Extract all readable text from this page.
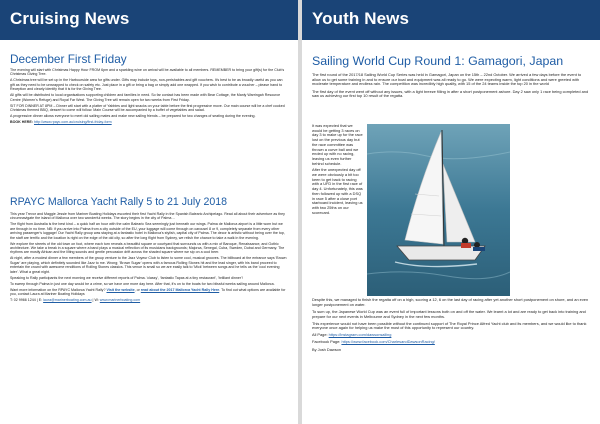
Cruising News
December First Friday

The evening will start with Christmas Happy Hour FROM 6pm and a sparkling wine on arrival will be available to all members. REMEMBER to bring your gift(s) for the Club's Christmas Giving Tree.

A Christmas tree will be set up in the Harbourside area for gifts under. Gifts may include toys, non-perishables and gift vouchers. It's best to be as broadly useful as you can gift as they need to be unwrapped to check on safety etc. Just place in a gift or bring a bag or simply add one wrapped. If you wish to contribute a voucher – please hand to Reception and clearly identify that it is for the Giving Tree.

All gifts will be distributed to local organisations supporting children and families in need. So far contact has been made with Bear Cottage, the Manly Warringah Resource Centre (Women's Refuge) and Royal Far West. The Giving Tree will remain open for two weeks from First Friday.

SIT FOR DINNER AT 8PM – Dinner will start with a platter of Yabbies and light snacks on your table before the first progressive move. Our main course will be a chef cooked Christmas themed BBQ, dessert to come will follow. Main Course will be accompanied by a buffet of vegetables and salad.

A progressive dinner allows everyone to meet old sailing mates and make new sailing friends – be prepared for two changes of seating during the evening.

BOOK HERE: http://www.rpayc.com.au/cruising/first-friday-form

RPAYC Mallorca Yacht Rally 5 to 21 July 2018

This year Trevor and Maggie Jessie from Mariner Boating Holidays escorted their first Yacht Rally in the Spanish Balearic Archipelago. Read all about their adventure as they circumnavigate the island of Mallorca over two wonderful weeks. The story begins in the city of Palma…

The flight from Australia is the best kind – a quick half an hour with the calm Balearic Sea seemingly just beneath our wings. Palma de Mallorca airport is a little worn but we are through in no time. NB: if you arrive into Palma from a city outside of the EU, your luggage will come through on carousel 8 or 9, completely separate from every other arriving passenger's luggage! Our Yacht Rally group was staying at a fantastic hotel in Mallorca's stylish, capital city of Palma. The decor is artistic without being over the top, the staff are terrific and the location is right on the edge of the old city, so after the long flight from Sydney, we relish the chance to take a walk in the evening.

We explore the streets of the old town on foot, where each turn reveals a beautiful square or courtyard that surrounds us with a mix of Baroque, Renaissance, and Gothic architecture. We take a break in a square where a band plays a musical reflection of its musicians backgrounds; Majorca, Senegal, Cuba, Sweden, Dubai and Germany. The rhythms are mostly African and the lilting sounds and gentle percussion drift across the shaded square where we sip on a cool beer.

At night, after a modest dinner a few members of the group venture to the Jazz Voyeur Club to listen to some cool, musical grooves. The billboard at the entrance says 'Brown Sugar' are playing, which definitely sounded like Jazz to me. Wrong; 'Brown Sugar' opens with a famous Rolling Stones hit and the lead singer, with his band proceed to entertain the crowd with awesome renditions of Rolling Stones classics. This venue is small so we are easily talk to 'Mick' between songs and he tells us the 'cool evening later'. What a great night.

Speaking to Rally participants the next morning we receive different reports of Palma. 'classy', 'fantastic Tapas at a tiny restaurant', 'brilliant dinner'!

To sweep through Palma in just one day would be a crime, so we have one more day here. After that, it's on to the boats for two blissful weeks sailing around Mallorca.

Want more information on the RPAYC Mallorca Yacht Rally? Visit the website, or read about the 2017 Mallorca Yacht Rally Here. To find out what options are available for you, contact Laura at Mariner Boating Holidays

T: 02 9966 1244 | E: laura@marinerboating.com.au | W: www.marinerboating.com

Youth News
Sailing World Cup Round 1: Gamagori, Japan

The first round of the 2017/18 Sailing World Cup Series was held in Gamagori, Japan on the 15th – 22nd October. We arrived a few days before the event to allow us to get some training in and to ensure our boat and equipment was all ready to go. We were expecting warm, light conditions and were greeted with moderate temperature and endless rain. The competition was incredibly high quality, with 15 of the 24 teams inside the top 20 in the world

The first day of the event went off without any issues, with a light breeze filling in after a short postponement ashore. Day 2 saw only 1 race being completed and saw us achieving our first top 10 result of the regatta.

It was expected that we would be getting 3 races on day 3 to make up for the race lost on the previous day but the race committee was thrown a curve ball and we ended up with no racing, leaving us even further behind schedule.

After the unexpected day off we were obviously a bit too keen to get back to racing with a UFD in the first race of day 4. Unfortunately, this was then followed up with a DSQ in race 5 after a close port starboard incident, leaving us with two 25ths on our scorecard.

Despite this, we managed to finish the regatta off on a high, scoring a 12, 6 on the last day of racing after yet another short postponement on shore, and an even longer postponement on water.

To sum up, the Japanese World Cup was an event full of important lessons both on and off the water. We learnt a lot and are ready to get back into training and prepare for our next events in Melbourne and Sydney in the next few months.

This experience would not have been possible without the continued support of The Royal Prince Alfred Yacht club and its members, and we would like to thank everyone once again for helping us make the most of this opportunity to represent our country.

All Page: https://instagram.com/dawsonsailing

Facebook Page: https://www.facebook.com/CharlesandDawsonRacing/

By Josh Dawson
